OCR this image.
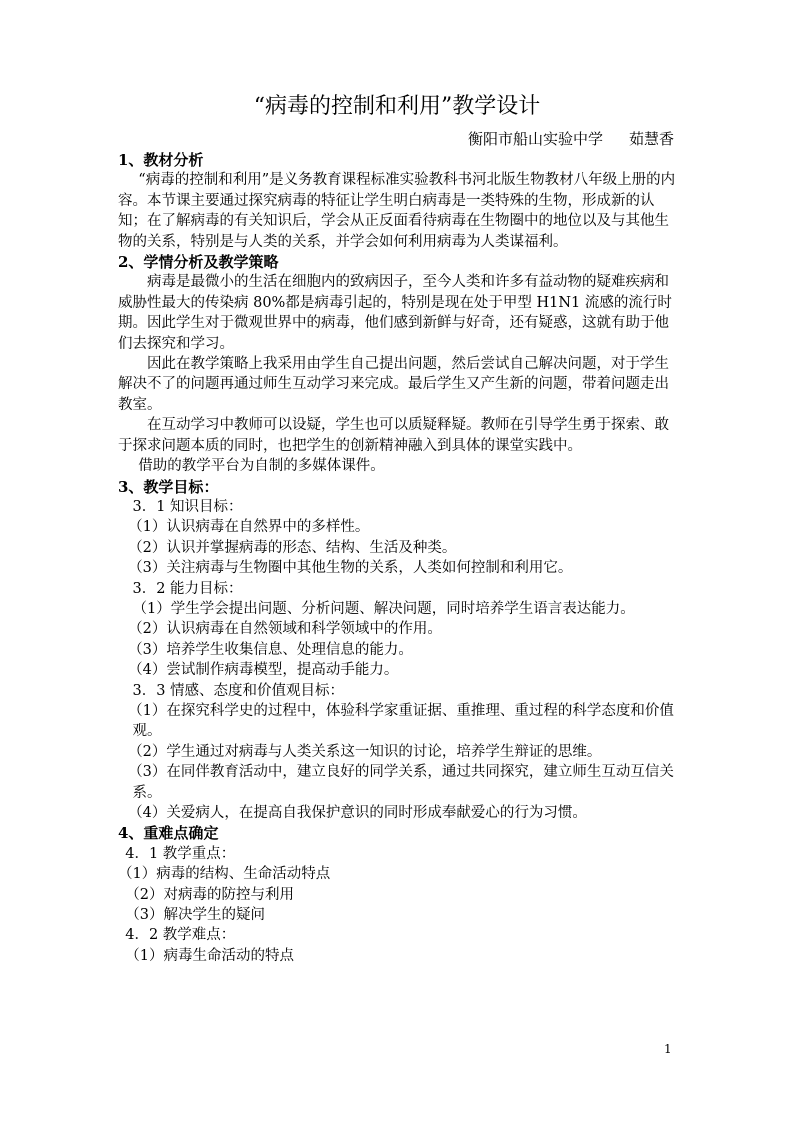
“病毒的控制和利用”教学设计
衡阳市船山实验中学 茹慧香

1、教材分析

“病毒的控制和利用”是义务教育课程标准实验教科书河北版生物教材八年级上册的内容。本节课主要通过探究病毒的特征让学生明白病毒是一类特殊的生物，形成新的认知；在了解病毒的有关知识后，学会从正反面看待病毒在生物圈中的地位以及与其他生物的关系，特别是与人类的关系，并学会如何利用病毒为人类谋福利。

2、学情分析及教学策略

病毒是最微小的生活在细胞内的致病因子，至今人类和许多有益动物的疑难疾病和威胁性最大的传染病 80%都是病毒引起的，特别是现在处于甲型 H1N1 流感的流行时期。因此学生对于微观世界中的病毒，他们感到新鲜与好奇，还有疑惑，这就有助于他们去探究和学习。

因此在教学策略上我采用由学生自己提出问题，然后尝试自己解决问题，对于学生解决不了的问题再通过师生互动学习来完成。最后学生又产生新的问题，带着问题走出教室。

在互动学习中教师可以设疑，学生也可以质疑释疑。教师在引导学生勇于探索、敢于探求问题本质的同时，也把学生的创新精神融入到具体的课堂实践中。

借助的教学平台为自制的多媒体课件。

3、教学目标：

3．1 知识目标：

（1）认识病毒在自然界中的多样性。

（2）认识并掌握病毒的形态、结构、生活及种类。

（3）关注病毒与生物圈中其他生物的关系，人类如何控制和利用它。

3．2 能力目标：

（1）学生学会提出问题、分析问题、解决问题，同时培养学生语言表达能力。

（2）认识病毒在自然领域和科学领域中的作用。

（3）培养学生收集信息、处理信息的能力。

（4）尝试制作病毒模型，提高动手能力。

3．3 情感、态度和价值观目标：

（1）在探究科学史的过程中，体验科学家重证据、重推理、重过程的科学态度和价值观。

（2）学生通过对病毒与人类关系这一知识的讨论，培养学生辩证的思维。

（3）在同伴教育活动中，建立良好的同学关系，通过共同探究，建立师生互动互信关系。

（4）关爱病人，在提高自我保护意识的同时形成奉献爱心的行为习惯。

4、重难点确定

4．1 教学重点：

（1）病毒的结构、生命活动特点

（2）对病毒的防控与利用

（3）解决学生的疑问

4．2 教学难点：

（1）病毒生命活动的特点

1
